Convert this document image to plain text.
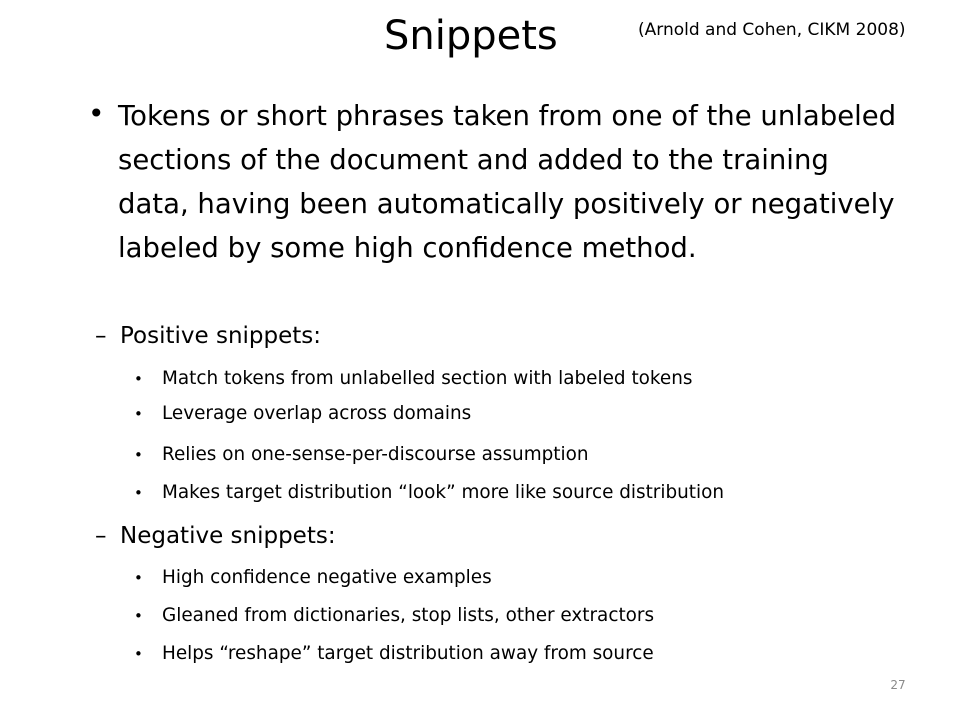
Snippets	(Arnold and Cohen, CIKM 2008)
• Tokens or short phrases taken from one of the unlabeled sections of the document and added to the training data, having been automatically positively or negatively labeled by some high confidence method.

– Positive snippets:
• Match tokens from unlabelled section with labeled tokens
• Leverage overlap across domains
• Relies on one-sense-per-discourse assumption
• Makes target distribution “look” more like source distribution
– Negative snippets:
• High confidence negative examples
• Gleaned from dictionaries, stop lists, other extractors
• Helps “reshape” target distribution away from source
27
